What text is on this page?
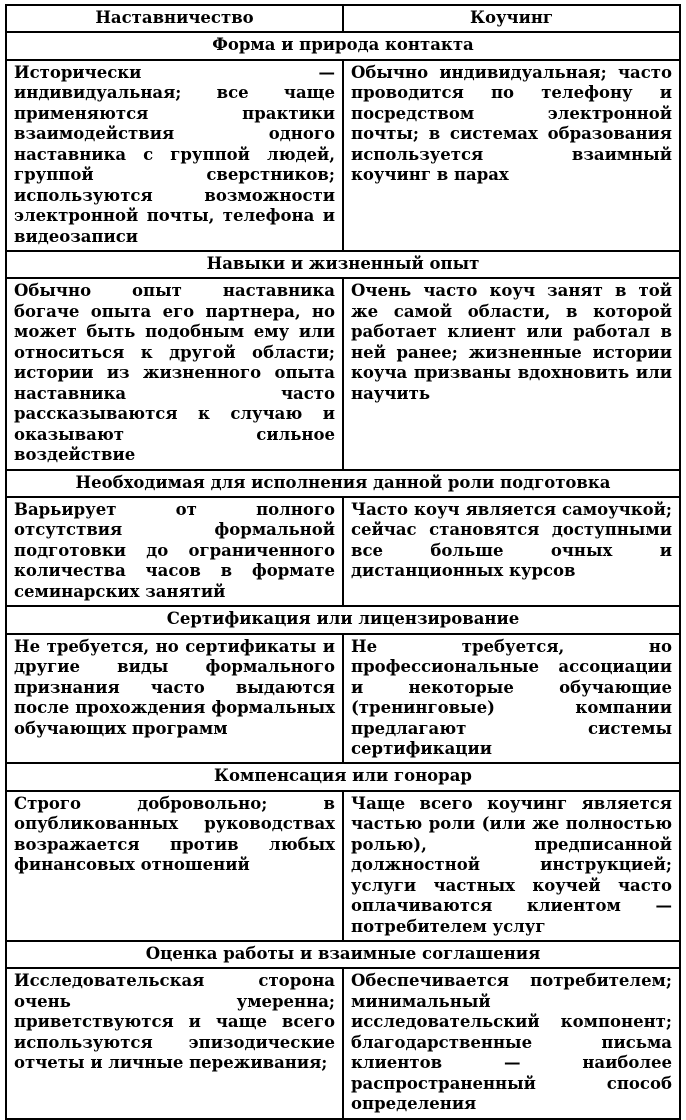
Наставничество	Коучинг
Форма и природа контакта	
Исторически — индивидуальная; все чаще применяются практики взаимодействия одного наставника с группой людей, группой сверстников; используются возможности электронной почты, телефона и видеозаписи	Обычно индивидуальная; часто проводится по телефону и посредством электронной почты; в системах образования используется взаимный коучинг в парах
Навыки и жизненный опыт	
Обычно опыт наставника богаче опыта его партнера, но может быть подобным ему или относиться к другой области; истории из жизненного опыта наставника часто рассказываются к случаю и оказывают сильное воздействие	Очень часто коуч занят в той же самой области, в которой работает клиент или работал в ней ранее; жизненные истории коуча призваны вдохновить или научить
Необходимая для исполнения данной роли подготовка	
Варьирует от полного отсутствия формальной подготовки до ограниченного количества часов в формате семинарских занятий	Часто коуч является самоучкой; сейчас становятся доступными все больше очных и дистанционных курсов
Сертификация или лицензирование	
Не требуется, но сертификаты и другие виды формального признания часто выдаются после прохождения формальных обучающих программ	Не требуется, но профессиональные ассоциации и некоторые обучающие (тренинговые) компании предлагают системы сертификации
Компенсация или гонорар	
Строго добровольно; в опубликованных руководствах возражается против любых финансовых отношений	Чаще всего коучинг является частью роли (или же полностью ролью), предписанной должностной инструкцией; услуги частных коучей часто оплачиваются клиентом — потребителем услуг
Оценка работы и взаимные соглашения	
Исследовательская сторона очень умеренна; приветствуются и чаще всего используются эпизодические отчеты и личные переживания;	Обеспечивается потребителем; минимальный исследовательский компонент; благодарственные письма клиентов — наиболее распространенный способ определения
